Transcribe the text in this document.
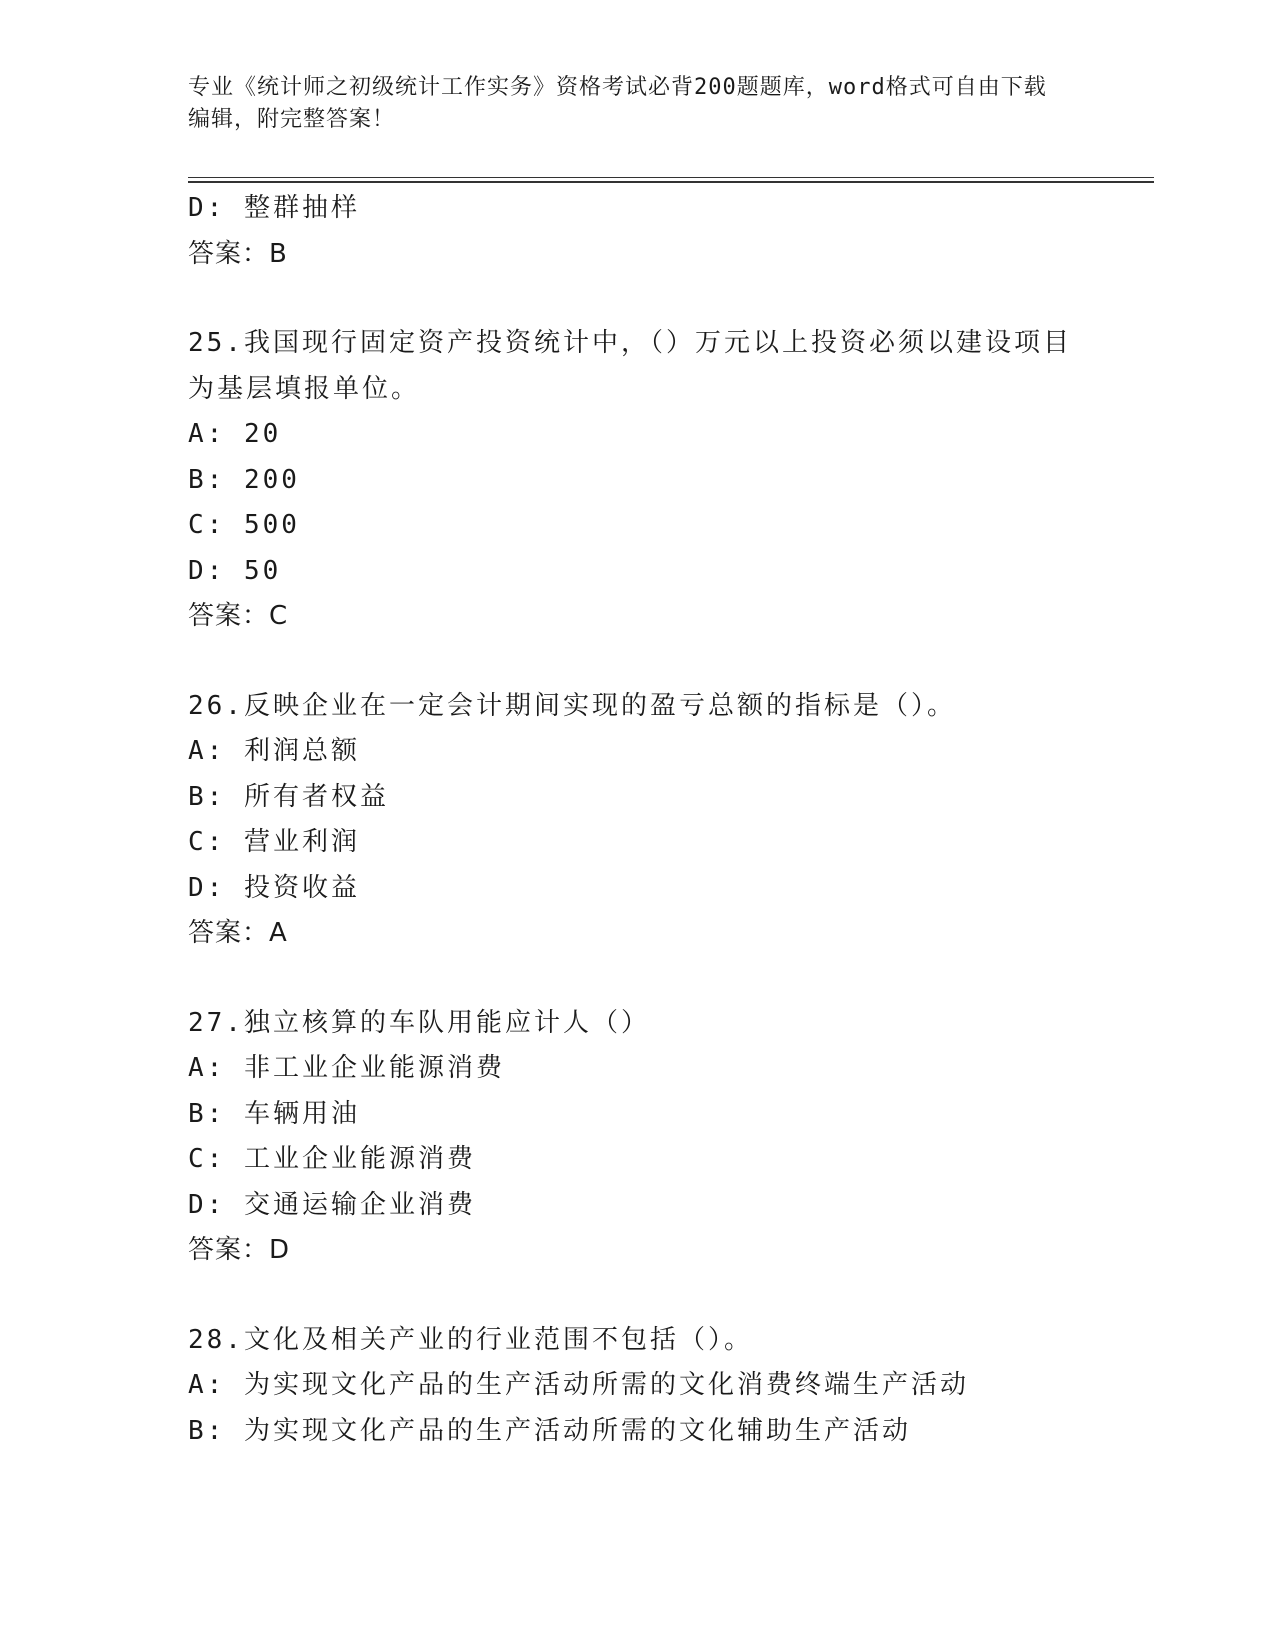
专业《统计师之初级统计工作实务》资格考试必背200题题库，word格式可自由下载编辑，附完整答案！
D: 整群抽样
答案：B
25.我国现行固定资产投资统计中，（）万元以上投资必须以建设项目
为基层填报单位。
A: 20
B: 200
C: 500
D: 50
答案：C
26.反映企业在一定会计期间实现的盈亏总额的指标是（）。
A: 利润总额
B: 所有者权益
C: 营业利润
D: 投资收益
答案：A
27.独立核算的车队用能应计人（）
A: 非工业企业能源消费
B: 车辆用油
C: 工业企业能源消费
D: 交通运输企业消费
答案：D
28.文化及相关产业的行业范围不包括（）。
A: 为实现文化产品的生产活动所需的文化消费终端生产活动
B: 为实现文化产品的生产活动所需的文化辅助生产活动
